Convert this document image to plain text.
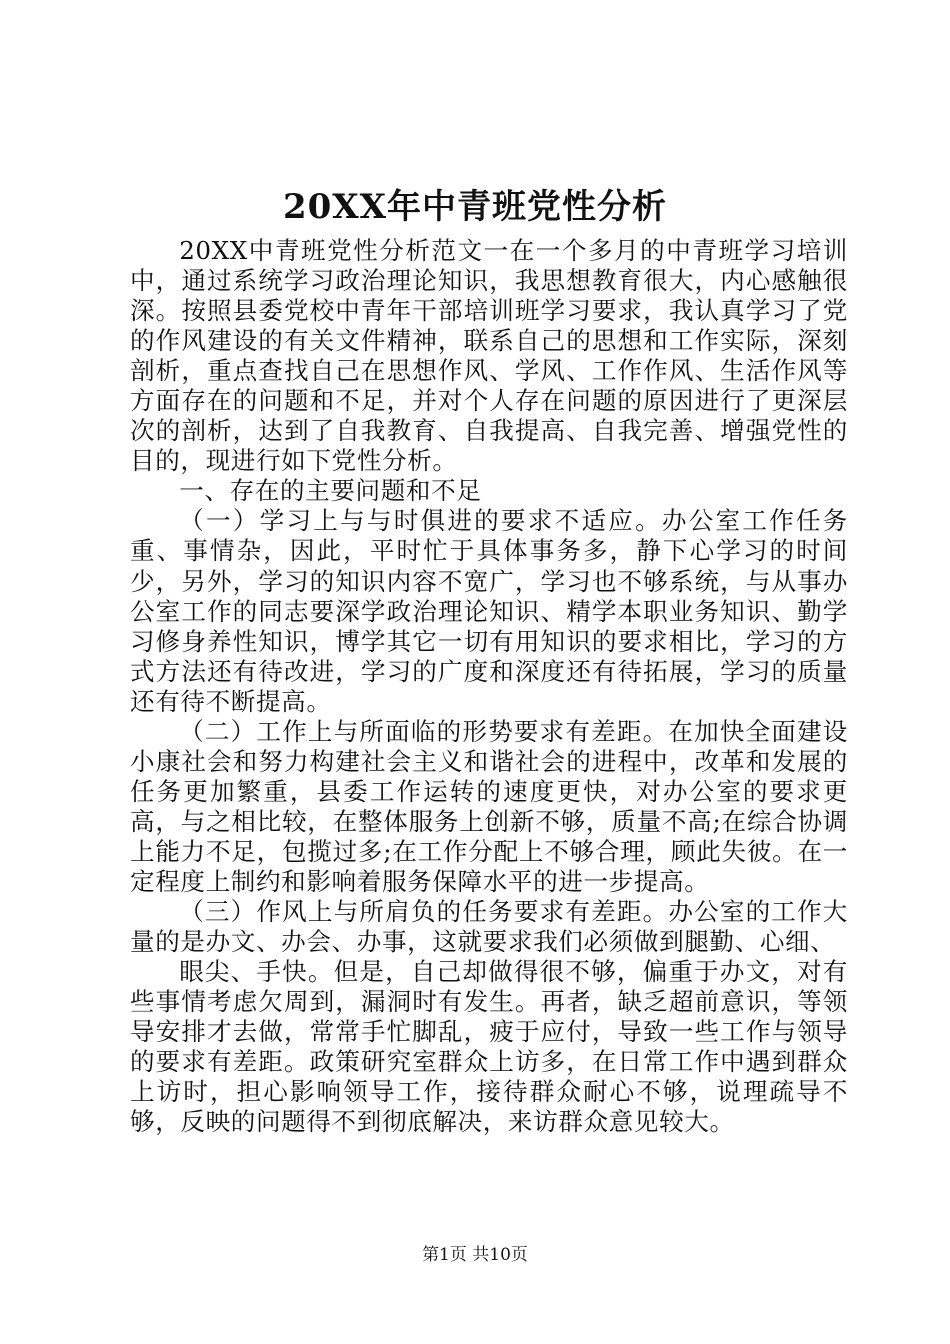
20XX年中青班党性分析

20XX中青班党性分析范文一在一个多月的中青班学习培训中，通过系统学习政治理论知识，我思想教育很大，内心感触很深。按照县委党校中青年干部培训班学习要求，我认真学习了党的作风建设的有关文件精神，联系自己的思想和工作实际，深刻剖析，重点查找自己在思想作风、学风、工作作风、生活作风等方面存在的问题和不足，并对个人存在问题的原因进行了更深层次的剖析，达到了自我教育、自我提高、自我完善、增强党性的目的，现进行如下党性分析。

一、存在的主要问题和不足

（一）学习上与与时俱进的要求不适应。办公室工作任务重、事情杂，因此，平时忙于具体事务多，静下心学习的时间少，另外，学习的知识内容不宽广，学习也不够系统，与从事办公室工作的同志要深学政治理论知识、精学本职业务知识、勤学习修身养性知识，博学其它一切有用知识的要求相比，学习的方式方法还有待改进，学习的广度和深度还有待拓展，学习的质量还有待不断提高。

（二）工作上与所面临的形势要求有差距。在加快全面建设小康社会和努力构建社会主义和谐社会的进程中，改革和发展的任务更加繁重，县委工作运转的速度更快，对办公室的要求更高，与之相比较，在整体服务上创新不够，质量不高;在综合协调上能力不足，包揽过多;在工作分配上不够合理，顾此失彼。在一定程度上制约和影响着服务保障水平的进一步提高。

（三）作风上与所肩负的任务要求有差距。办公室的工作大量的是办文、办会、办事，这就要求我们必须做到腿勤、心细、

眼尖、手快。但是，自己却做得很不够，偏重于办文，对有些事情考虑欠周到，漏洞时有发生。再者，缺乏超前意识，等领导安排才去做，常常手忙脚乱，疲于应付，导致一些工作与领导的要求有差距。政策研究室群众上访多，在日常工作中遇到群众上访时，担心影响领导工作，接待群众耐心不够，说理疏导不够，反映的问题得不到彻底解决，来访群众意见较大。

第1页 共10页
